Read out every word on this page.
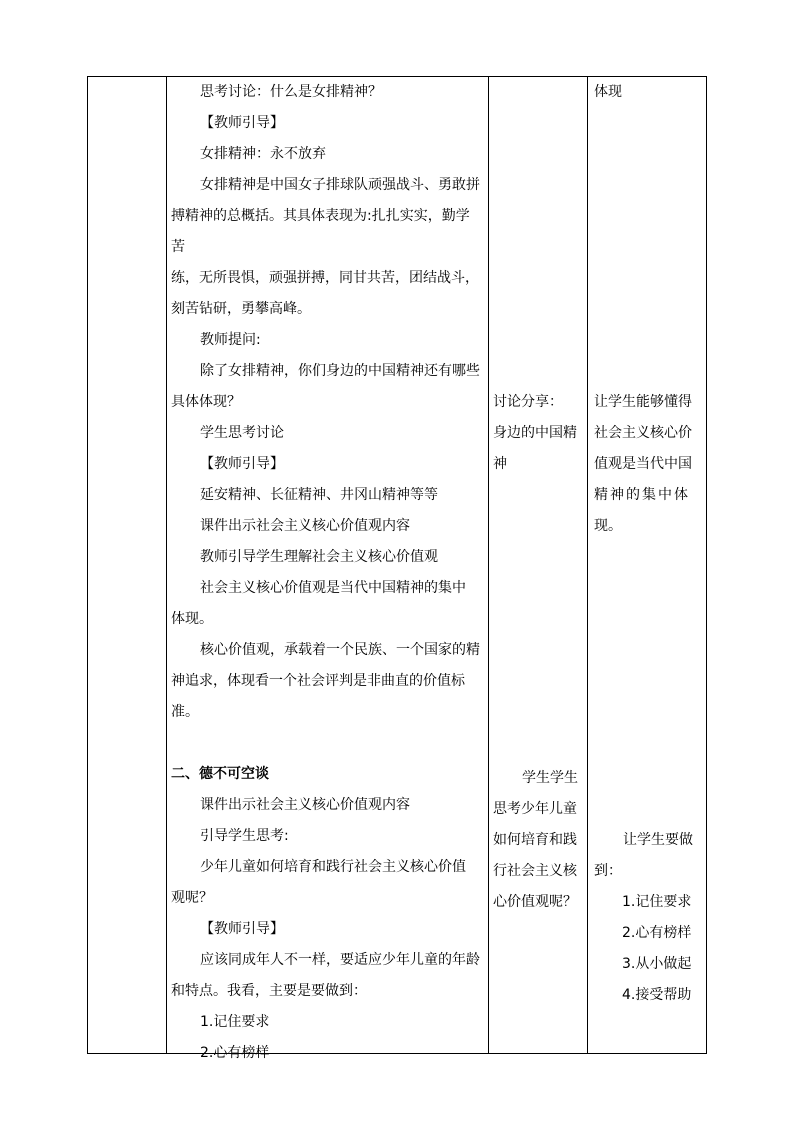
思考讨论：什么是女排精神？

【教师引导】

女排精神：永不放弃

女排精神是中国女子排球队顽强战斗、勇敢拼

搏精神的总概括。其具体表现为:扎扎实实，勤学苦

练，无所畏惧，顽强拼搏，同甘共苦，团结战斗，

刻苦钻研，勇攀高峰。

教师提问:

除了女排精神，你们身边的中国精神还有哪些

具体体现？

学生思考讨论

【教师引导】

延安精神、长征精神、井冈山精神等等

课件出示社会主义核心价值观内容

教师引导学生理解社会主义核心价值观

社会主义核心价值观是当代中国精神的集中

体现。

核心价值观，承载着一个民族、一个国家的精

神追求，体现看一个社会评判是非曲直的价值标

准。

二、德不可空谈

课件出示社会主义核心价值观内容

引导学生思考:

少年儿童如何培育和践行社会主义核心价值

观呢？

【教师引导】

应该同成年人不一样，要适应少年儿童的年龄

和特点。我看，主要是要做到：

1.记住要求

2.心有榜样

讨论分享：

身边的中国精

神

学生学生

思考少年儿童

如何培育和践

行社会主义核

心价值观呢？

体现

让学生能够懂得

社会主义核心价

值观是当代中国

精神的集中体

现。

让学生要做

到：

1.记住要求

2.心有榜样

3.从小做起

4.接受帮助
